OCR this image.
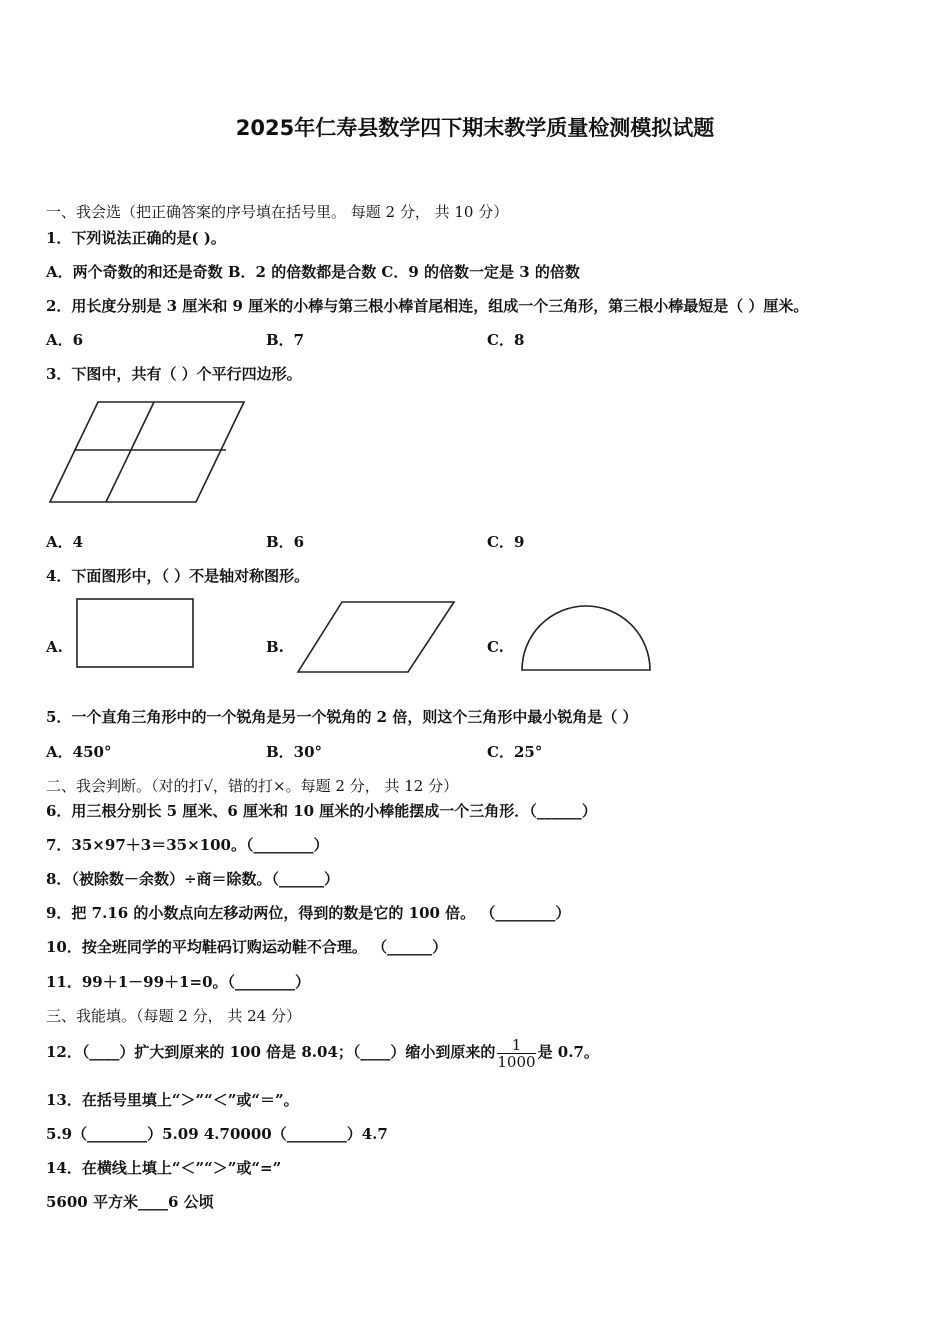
2025年仁寿县数学四下期末教学质量检测模拟试题
一、我会选（把正确答案的序号填在括号里。 每题 2 分， 共 10 分）
1．下列说法正确的是( )。
A．两个奇数的和还是奇数 B．2 的倍数都是合数 C．9 的倍数一定是 3 的倍数
2．用长度分别是 3 厘米和 9 厘米的小棒与第三根小棒首尾相连，组成一个三角形，第三根小棒最短是（ ）厘米。
A．6	B．7	C．8
3．下图中，共有（ ）个平行四边形。
A．4	B．6	C．9
4．下面图形中，（ ）不是轴对称图形。
A.	B.	C.
5．一个直角三角形中的一个锐角是另一个锐角的 2 倍，则这个三角形中最小锐角是（ ）
A．450°	B．30°	C．25°
二、我会判断。（对的打√，错的打×。每题 2 分， 共 12 分）
6．用三根分别长 5 厘米、6 厘米和 10 厘米的小棒能摆成一个三角形．（______）
7．35×97＋3＝35×100。（________）
8．（被除数－余数）÷商＝除数。（______）
9．把 7.16 的小数点向左移动两位，得到的数是它的 100 倍。 （________）
10．按全班同学的平均鞋码订购运动鞋不合理。 （______）
11．99＋1－99＋1=0。（________）
三、我能填。（每题 2 分， 共 24 分）
12．（____）扩大到原来的 100 倍是 8.04；（____）缩小到原来的 $\frac{1}{1000}$ 是 0.7。
13．在括号里填上“＞”“＜”或“＝”。
5.9（________）5.09 4.70000（________）4.7
14．在横线上填上“＜”“＞”或“=”
5600 平方米____6 公顷
